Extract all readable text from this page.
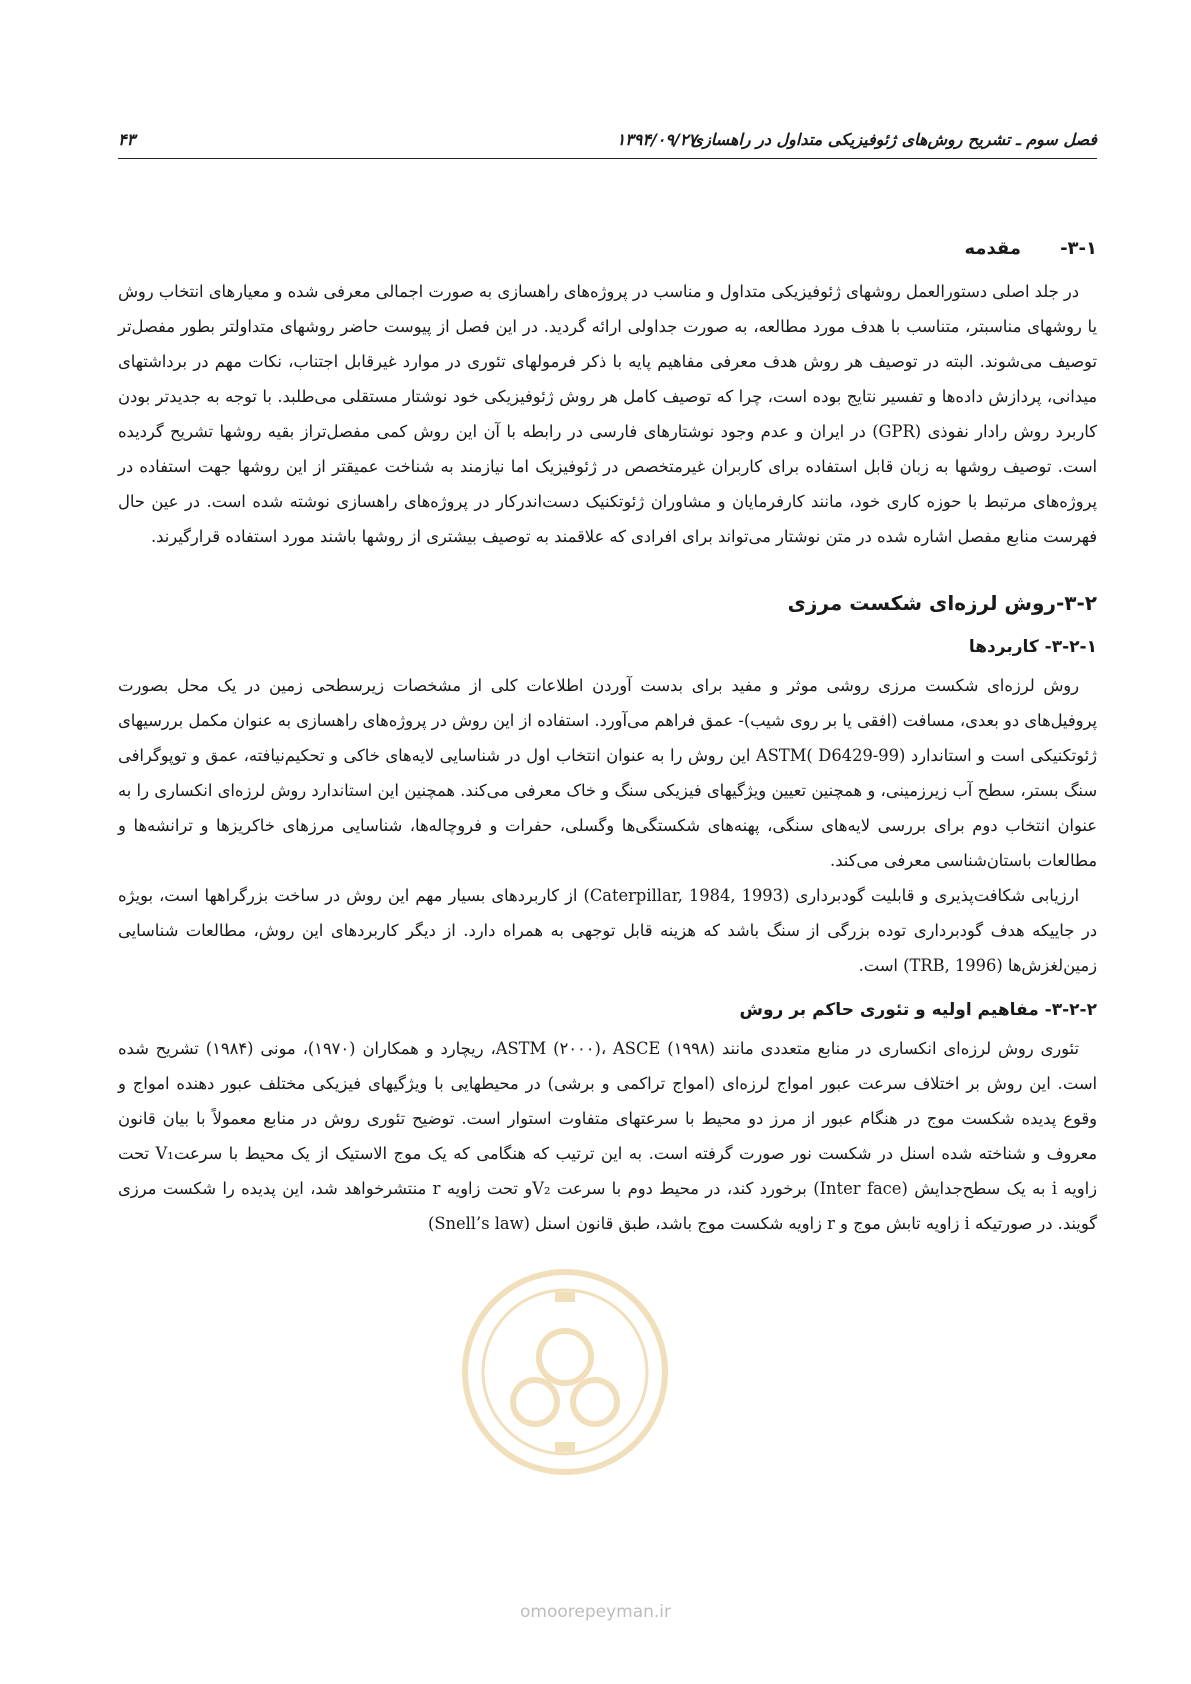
فصل سوم ـ تشریح روش‌های ژئوفیزیکی متداول در راهسازی
۱۳۹۴/۰۹/۲۷
۴۳
۳-۱-مقدمه

در جلد اصلی دستورالعمل روشهای ژئوفیزیکی متداول و مناسب در پروژه‌های راهسازی به صورت اجمالی معرفی شده و معیارهای انتخاب روش یا روشهای مناسبتر، متناسب با هدف مورد مطالعه، به صورت جداولی ارائه گردید. در این فصل از پیوست حاضر روشهای متداولتر بطور مفصل‌تر توصیف می‌شوند. البته در توصیف هر روش هدف معرفی مفاهیم پایه با ذکر فرمولهای تئوری در موارد غیرقابل اجتناب، نکات مهم در برداشتهای میدانی، پردازش داده‌ها و تفسیر نتایج بوده است، چرا که توصیف کامل هر روش ژئوفیزیکی خود نوشتار مستقلی می‌طلبد. با توجه به جدیدتر بودن کاربرد روش رادار نفوذی (GPR) در ایران و عدم وجود نوشتارهای فارسی در رابطه با آن این روش کمی مفصل‌تراز بقیه روشها تشریح گردیده است. توصیف روشها به زبان قابل استفاده برای کاربران غیرمتخصص در ژئوفیزیک اما نیازمند به شناخت عمیقتر از این روشها جهت استفاده در پروژه‌های مرتبط با حوزه کاری خود، مانند کارفرمایان و مشاوران ژئوتکنیک دست‌اندرکار در پروژه‌های راهسازی نوشته شده است. در عین حال فهرست منابع مفصل اشاره شده در متن نوشتار می‌تواند برای افرادی که علاقمند به توصیف بیشتری از روشها باشند مورد استفاده قرارگیرند.

۳-۲-روش لرزه‌ای شکست مرزی
۳-۲-۱- کاربردها

روش لرزه‌ای شکست مرزی روشی موثر و مفید برای بدست آوردن اطلاعات کلی از مشخصات زیرسطحی زمین در یک محل بصورت پروفیل‌های دو بعدی، مسافت (افقی یا بر روی شیب)- عمق فراهم می‌آورد. استفاده از این روش در پروژه‌های راهسازی به عنوان مکمل بررسیهای ژئوتکنیکی است و استاندارد (ASTM( D6429-99 این روش را به عنوان انتخاب اول در شناسایی لایه‌های خاکی و تحکیم‌نیافته، عمق و توپوگرافی سنگ بستر، سطح آب زیرزمینی، و همچنین تعیین ویژگیهای فیزیکی سنگ و خاک معرفی می‌کند. همچنین این استاندارد روش لرزه‌ای انکساری را به عنوان انتخاب دوم برای بررسی لایه‌های سنگی، پهنه‌های شکستگی‌ها وگسلی، حفرات و فروچاله‌ها، شناسایی مرزهای خاکریزها و ترانشه‌ها و مطالعات باستان‌شناسی معرفی می‌کند.

ارزیابی شکافت‌پذیری و قابلیت گودبرداری (Caterpillar, 1984, 1993) از کاربردهای بسیار مهم این روش در ساخت بزرگراهها است، بویژه در جاییکه هدف گودبرداری توده بزرگی از سنگ باشد که هزینه قابل توجهی به همراه دارد. از دیگر کاربردهای این روش، مطالعات شناسایی زمین‌لغزش‌ها (TRB, 1996) است.

۳-۲-۲- مفاهیم اولیه و تئوری حاکم بر روش

تئوری روش لرزه‌ای انکساری در منابع متعددی مانند ASTM (۲۰۰۰)، ASCE (۱۹۹۸)، ریچارد و همکاران (۱۹۷۰)، مونی (۱۹۸۴) تشریح شده است. این روش بر اختلاف سرعت عبور امواج لرزه‌ای (امواج تراکمی و برشی) در محیطهایی با ویژگیهای فیزیکی مختلف عبور دهنده امواج و وقوع پدیده شکست موج در هنگام عبور از مرز دو محیط با سرعتهای متفاوت استوار است. توضیح تئوری روش در منابع معمولاً با بیان قانون معروف و شناخته شده اسنل در شکست نور صورت گرفته است. به این ترتیب که هنگامی که یک موج الاستیک از یک محیط با سرعتV₁ تحت زاویه i به یک سطح‌جدایش (Inter face) برخورد کند، در محیط دوم با سرعت V₂و تحت زاویه r منتشرخواهد شد، این پدیده را شکست مرزی گویند. در صورتیکه i زاویه تابش موج و r زاویه شکست موج باشد، طبق قانون اسنل (Snell’s law)

omoorepeyman.ir
